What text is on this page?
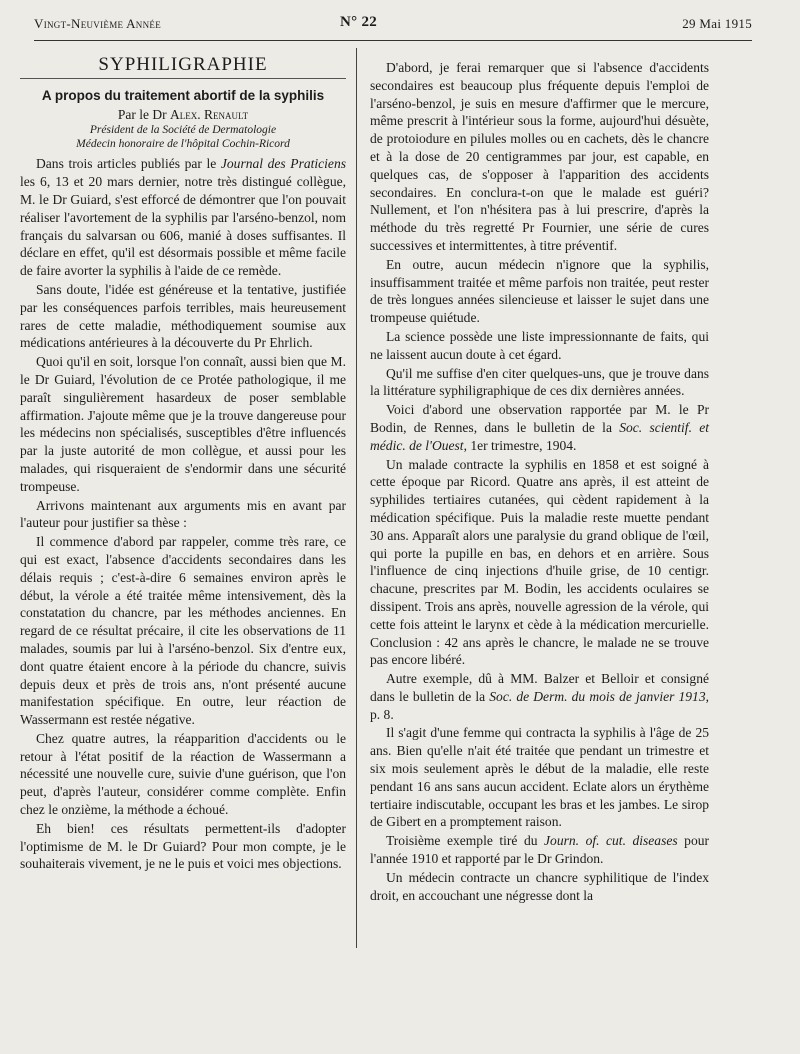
Vingt-Neuvième Année	N° 22	29 Mai 1915
SYPHILIGRAPHIE
A propos du traitement abortif de la syphilis
Par le Dr Alex. Renault
Président de la Société de Dermatologie
Médecin honoraire de l'hôpital Cochin-Ricord

Dans trois articles publiés par le Journal des Praticiens les 6, 13 et 20 mars dernier, notre très distingué collègue, M. le Dr Guiard, s'est efforcé de démontrer que l'on pouvait réaliser l'avortement de la syphilis par l'arséno-benzol, nom français du salvarsan ou 606, manié à doses suffisantes. Il déclare en effet, qu'il est désormais possible et même facile de faire avorter la syphilis à l'aide de ce remède.

Sans doute, l'idée est généreuse et la tentative, justifiée par les conséquences parfois terribles, mais heureusement rares de cette maladie, méthodiquement soumise aux médications antérieures à la découverte du Pr Ehrlich.

Quoi qu'il en soit, lorsque l'on connaît, aussi bien que M. le Dr Guiard, l'évolution de ce Protée pathologique, il me paraît singulièrement hasardeux de poser semblable affirmation. J'ajoute même que je la trouve dangereuse pour les médecins non spécialisés, susceptibles d'être influencés par la juste autorité de mon collègue, et aussi pour les malades, qui risqueraient de s'endormir dans une sécurité trompeuse.

Arrivons maintenant aux arguments mis en avant par l'auteur pour justifier sa thèse :

Il commence d'abord par rappeler, comme très rare, ce qui est exact, l'absence d'accidents secondaires dans les délais requis ; c'est-à-dire 6 semaines environ après le début, la vérole a été traitée même intensivement, dès la constatation du chancre, par les méthodes anciennes. En regard de ce résultat précaire, il cite les observations de 11 malades, soumis par lui à l'arséno-benzol. Six d'entre eux, dont quatre étaient encore à la période du chancre, suivis depuis deux et près de trois ans, n'ont présenté aucune manifestation spécifique. En outre, leur réaction de Wassermann est restée négative.

Chez quatre autres, la réapparition d'accidents ou le retour à l'état positif de la réaction de Wassermann a nécessité une nouvelle cure, suivie d'une guérison, que l'on peut, d'après l'auteur, considérer comme complète. Enfin chez le onzième, la méthode a échoué.

Eh bien! ces résultats permettent-ils d'adopter l'optimisme de M. le Dr Guiard? Pour mon compte, je le souhaiterais vivement, je ne le puis et voici mes objections.

D'abord, je ferai remarquer que si l'absence d'accidents secondaires est beaucoup plus fréquente depuis l'emploi de l'arséno-benzol, je suis en mesure d'affirmer que le mercure, même prescrit à l'intérieur sous la forme, aujourd'hui désuète, de protoiodure en pilules molles ou en cachets, dès le chancre et à la dose de 20 centigrammes par jour, est capable, en quelques cas, de s'opposer à l'apparition des accidents secondaires. En conclura-t-on que le malade est guéri? Nullement, et l'on n'hésitera pas à lui prescrire, d'après la méthode du très regretté Pr Fournier, une série de cures successives et intermittentes, à titre préventif.

En outre, aucun médecin n'ignore que la syphilis, insuffisamment traitée et même parfois non traitée, peut rester de très longues années silencieuse et laisser le sujet dans une trompeuse quiétude.

La science possède une liste impressionnante de faits, qui ne laissent aucun doute à cet égard.

Qu'il me suffise d'en citer quelques-uns, que je trouve dans la littérature syphiligraphique de ces dix dernières années.

Voici d'abord une observation rapportée par M. le Pr Bodin, de Rennes, dans le bulletin de la Soc. scientif. et médic. de l'Ouest, 1er trimestre, 1904.

Un malade contracte la syphilis en 1858 et est soigné à cette époque par Ricord. Quatre ans après, il est atteint de syphilides tertiaires cutanées, qui cèdent rapidement à la médication spécifique. Puis la maladie reste muette pendant 30 ans. Apparaît alors une paralysie du grand oblique de l'œil, qui porte la pupille en bas, en dehors et en arrière. Sous l'influence de cinq injections d'huile grise, de 10 centigr. chacune, prescrites par M. Bodin, les accidents oculaires se dissipent. Trois ans après, nouvelle agression de la vérole, qui cette fois atteint le larynx et cède à la médication mercurielle. Conclusion : 42 ans après le chancre, le malade ne se trouve pas encore libéré.

Autre exemple, dû à MM. Balzer et Belloir et consigné dans le bulletin de la Soc. de Derm. du mois de janvier 1913, p. 8.

Il s'agit d'une femme qui contracta la syphilis à l'âge de 25 ans. Bien qu'elle n'ait été traitée que pendant un trimestre et six mois seulement après le début de la maladie, elle reste pendant 16 ans sans aucun accident. Eclate alors un érythème tertiaire indiscutable, occupant les bras et les jambes. Le sirop de Gibert en a promptement raison.

Troisième exemple tiré du Journ. of. cut. diseases pour l'année 1910 et rapporté par le Dr Grindon.

Un médecin contracte un chancre syphilitique de l'index droit, en accouchant une négresse dont la
